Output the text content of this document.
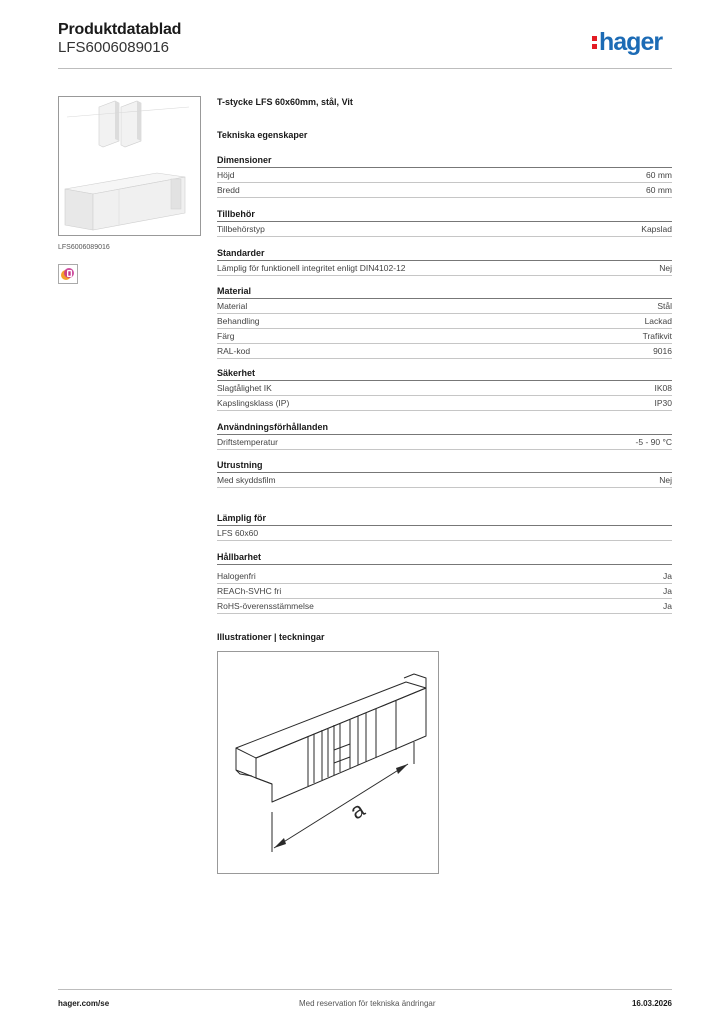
Produktdatablad
LFS6006089016	hager
LFS6006089016
T-stycke LFS 60x60mm, stål, Vit
Tekniska egenskaper
Dimensioner
Höjd	60 mm
Bredd	60 mm
Tillbehör
Tillbehörstyp	Kapslad
Standarder
Lämplig för funktionell integritet enligt DIN4102-12	Nej
Material
Material	Stål
Behandling	Lackad
Färg	Trafikvit
RAL-kod	9016
Säkerhet
Slagtålighet IK	IK08
Kapslingsklass (IP)	IP30
Användningsförhållanden
Driftstemperatur	-5 - 90 °C
Utrustning
Med skyddsfilm	Nej
Lämplig för
LFS 60x60
Hållbarhet
Halogenfri	Ja
REACh-SVHC fri	Ja
RoHS-överensstämmelse	Ja
Illustrationer | teckningar
a
hager.com/se	Med reservation för tekniska ändringar	16.03.2026
